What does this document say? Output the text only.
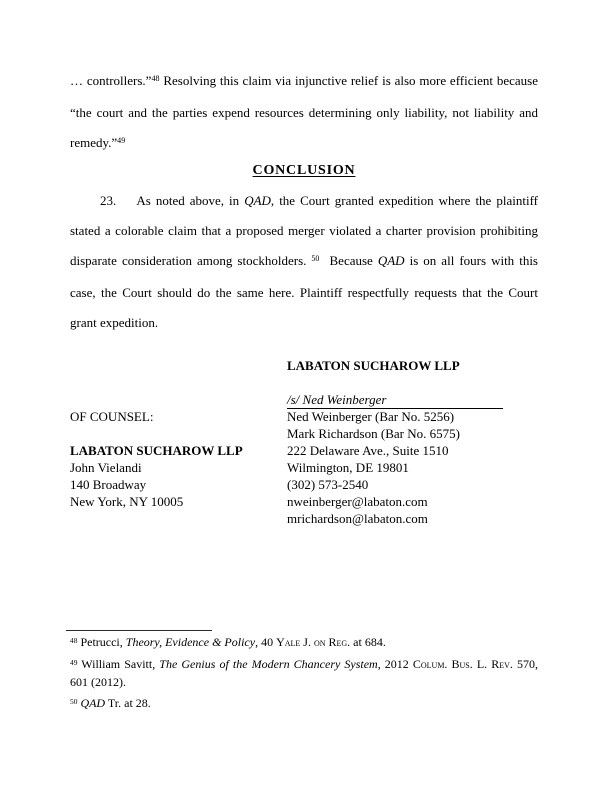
… controllers.”$^{48}$ Resolving this claim via injunctive relief is also more efficient because “the court and the parties expend resources determining only liability, not liability and remedy.”$^{49}$

CONCLUSION

23.    As noted above, in QAD, the Court granted expedition where the plaintiff stated a colorable claim that a proposed merger violated a charter provision prohibiting disparate consideration among stockholders. $^{50}$  Because QAD is on all fours with this case, the Court should do the same here. Plaintiff respectfully requests that the Court grant expedition.

OF COUNSEL:

LABATON SUCHAROW LLP
John Vielandi
140 Broadway
New York, NY 10005
LABATON SUCHAROW LLP

/s/ Ned Weinberger
Ned Weinberger (Bar No. 5256)
Mark Richardson (Bar No. 6575)
222 Delaware Ave., Suite 1510
Wilmington, DE 19801
(302) 573-2540
nweinberger@labaton.com
mrichardson@labaton.com

$^{48}$ Petrucci, Theory, Evidence & Policy, 40 Yale J. on Reg. at 684.

$^{49}$ William Savitt, The Genius of the Modern Chancery System, 2012 Colum. Bus. L. Rev. 570, 601 (2012).

$^{50}$ QAD Tr. at 28.
